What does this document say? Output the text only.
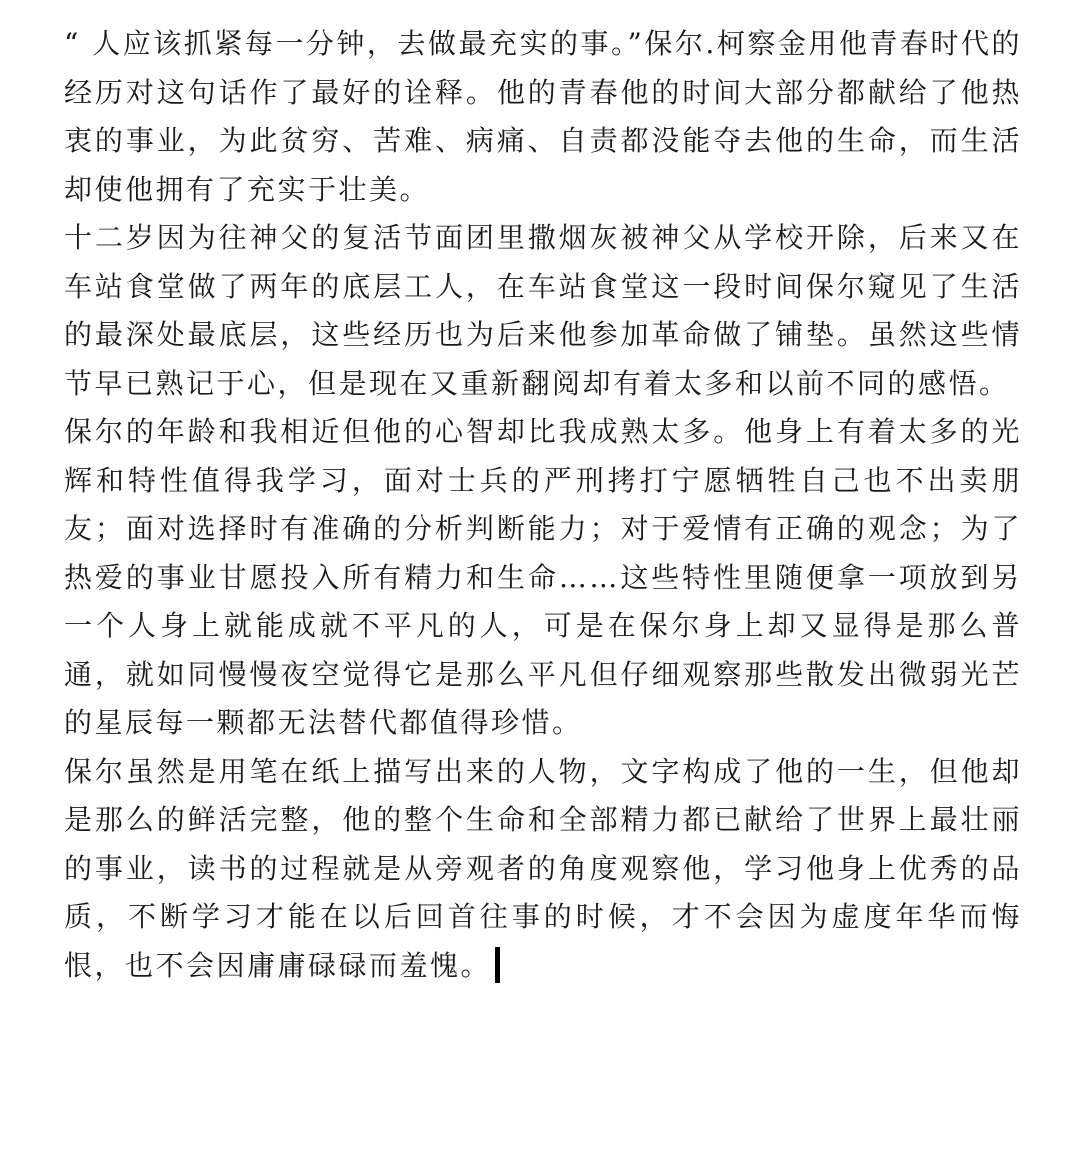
“ 人应该抓紧每一分钟，去做最充实的事。”保尔.柯察金用他青春时代的经历对这句话作了最好的诠释。他的青春他的时间大部分都献给了他热衷的事业，为此贫穷、苦难、病痛、自责都没能夺去他的生命，而生活却使他拥有了充实于壮美。

十二岁因为往神父的复活节面团里撒烟灰被神父从学校开除，后来又在车站食堂做了两年的底层工人，在车站食堂这一段时间保尔窥见了生活的最深处最底层，这些经历也为后来他参加革命做了铺垫。虽然这些情节早已熟记于心，但是现在又重新翻阅却有着太多和以前不同的感悟。

保尔的年龄和我相近但他的心智却比我成熟太多。他身上有着太多的光辉和特性值得我学习，面对士兵的严刑拷打宁愿牺牲自己也不出卖朋友；面对选择时有准确的分析判断能力；对于爱情有正确的观念；为了热爱的事业甘愿投入所有精力和生命……这些特性里随便拿一项放到另一个人身上就能成就不平凡的人，可是在保尔身上却又显得是那么普通，就如同慢慢夜空觉得它是那么平凡但仔细观察那些散发出微弱光芒的星辰每一颗都无法替代都值得珍惜。

保尔虽然是用笔在纸上描写出来的人物，文字构成了他的一生，但他却是那么的鲜活完整，他的整个生命和全部精力都已献给了世界上最壮丽的事业，读书的过程就是从旁观者的角度观察他，学习他身上优秀的品质，不断学习才能在以后回首往事的时候，才不会因为虚度年华而悔恨，也不会因庸庸碌碌而羞愧。
